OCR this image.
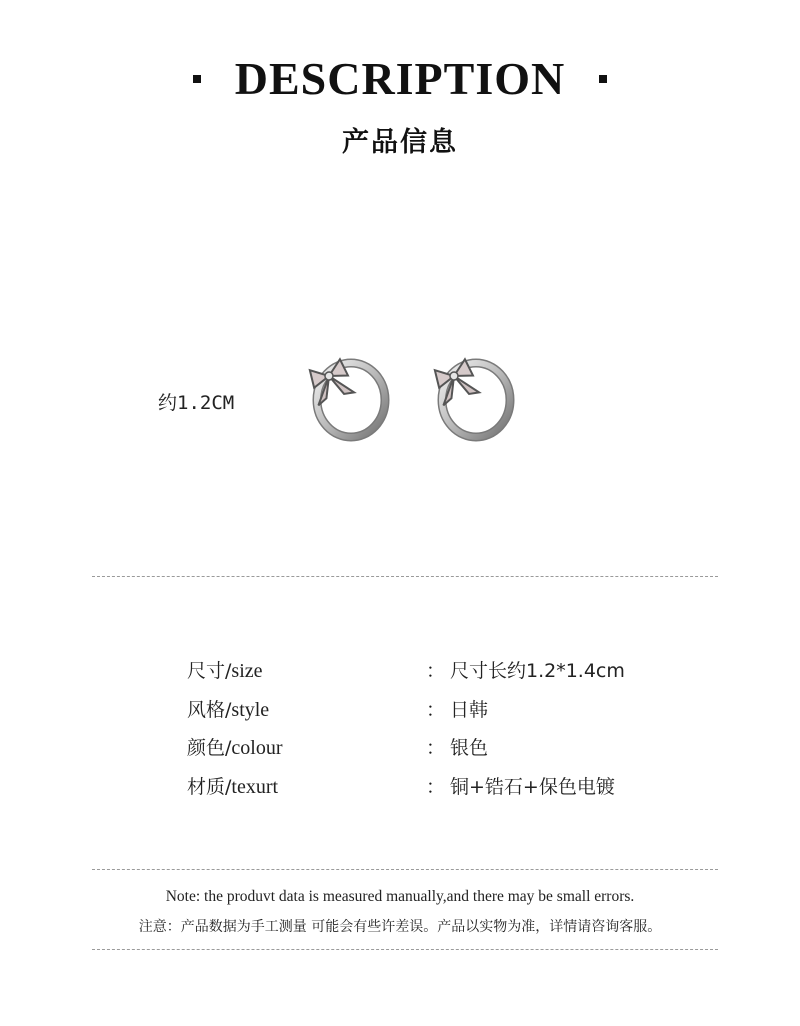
DESCRIPTION
产品信息
约1.2CM
尺寸/size	： 尺寸长约1.2*1.4cm
风格/style	： 日韩
颜色/colour	： 银色
材质/texurt	： 铜+锆石+保色电镀
Note: the produvt data is measured manually,and there may be small errors.
注意：产品数据为手工测量 可能会有些许差误。产品以实物为准，详情请咨询客服。
